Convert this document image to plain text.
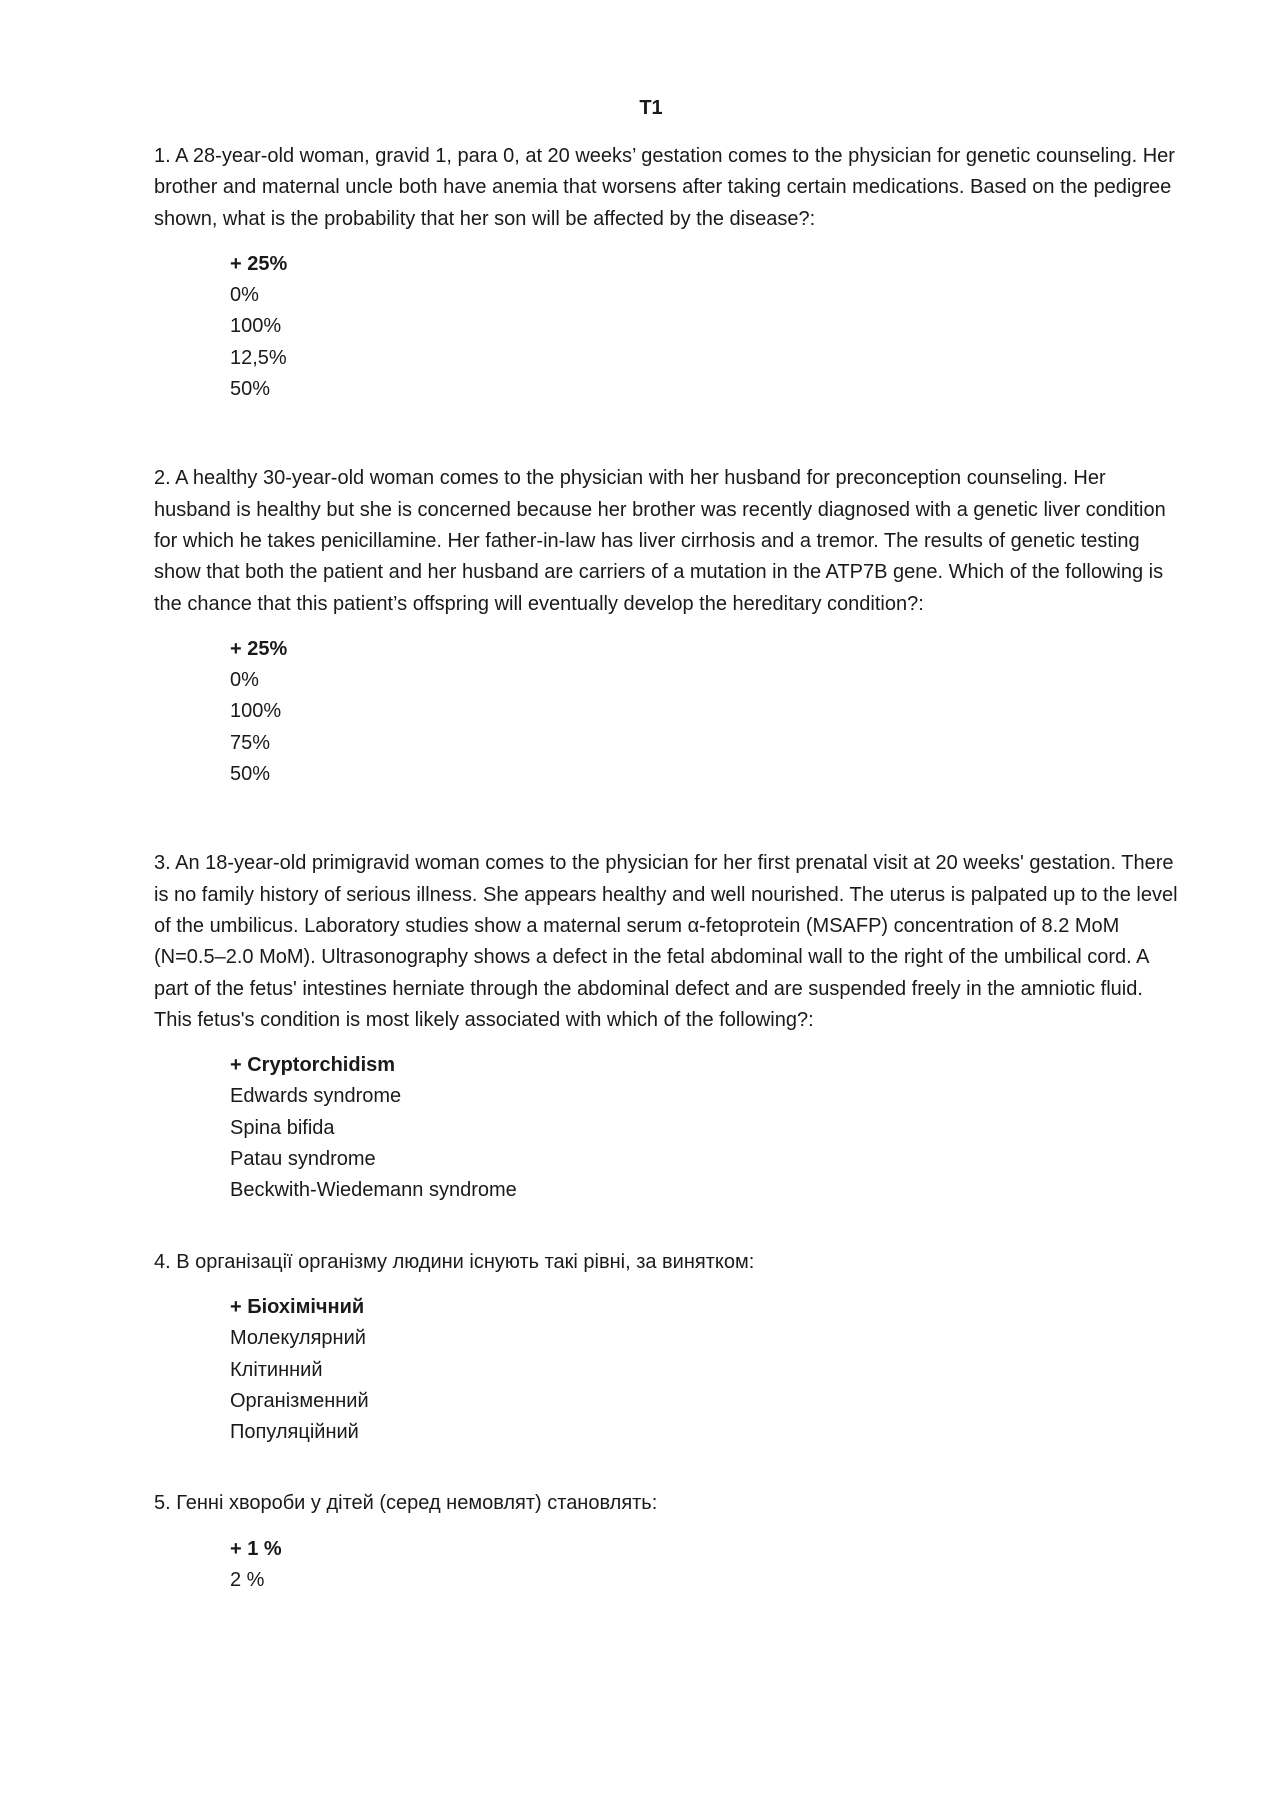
T1

1. A 28-year-old woman, gravid 1, para 0, at 20 weeks’ gestation comes to the physician for genetic counseling. Her brother and maternal uncle both have anemia that worsens after taking certain medications. Based on the pedigree shown, what is the probability that her son will be affected by the disease?:

+ 25%
0%
100%
12,5%
50%

2. A healthy 30-year-old woman comes to the physician with her husband for preconception counseling. Her husband is healthy but she is concerned because her brother was recently diagnosed with a genetic liver condition for which he takes penicillamine. Her father-in-law has liver cirrhosis and a tremor. The results of genetic testing show that both the patient and her husband are carriers of a mutation in the ATP7B gene. Which of the following is the chance that this patient’s offspring will eventually develop the hereditary condition?:

+ 25%
0%
100%
75%
50%

3. An 18-year-old primigravid woman comes to the physician for her first prenatal visit at 20 weeks' gestation. There is no family history of serious illness. She appears healthy and well nourished. The uterus is palpated up to the level of the umbilicus. Laboratory studies show a maternal serum α-fetoprotein (MSAFP) concentration of 8.2 MoM (N=0.5–2.0 MoM). Ultrasonography shows a defect in the fetal abdominal wall to the right of the umbilical cord. A part of the fetus' intestines herniate through the abdominal defect and are suspended freely in the amniotic fluid. This fetus's condition is most likely associated with which of the following?:

+ Cryptorchidism
Edwards syndrome
Spina bifida
Patau syndrome
Beckwith-Wiedemann syndrome

4. В організації організму людини існують такі рівні, за винятком:

+ Біохімічний
Молекулярний
Клітинний
Організменний
Популяційний

5. Генні хвороби у дітей (серед немовлят) становлять:

+ 1 %
2 %
